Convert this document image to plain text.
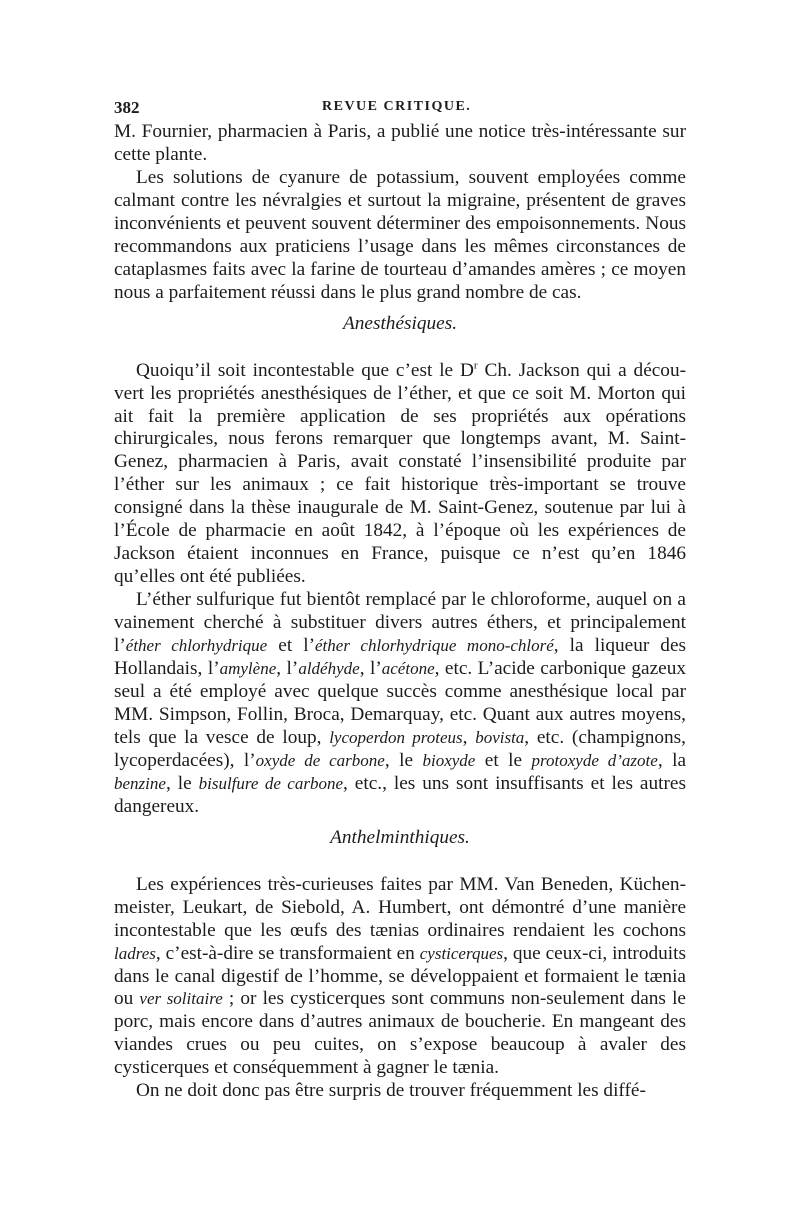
382	REVUE CRITIQUE.

M. Fournier, pharmacien à Paris, a publié une notice très-intéressante sur cette plante.

Les solutions de cyanure de potassium, souvent employées comme calmant contre les névralgies et surtout la migraine, présentent de graves inconvénients et peuvent souvent déterminer des empoisonnements. Nous recommandons aux praticiens l’usage dans les mêmes circonstances de cataplasmes faits avec la farine de tourteau d’amandes amères ; ce moyen nous a parfaitement réussi dans le plus grand nombre de cas.

Anesthésiques.

Quoiqu’il soit incontestable que c’est le $D^r$ Ch. Jackson qui a découvert les propriétés anesthésiques de l’éther, et que ce soit M. Morton qui ait fait la première application de ses propriétés aux opérations chirurgicales, nous ferons remarquer que longtemps avant, M. Saint-Genez, pharmacien à Paris, avait constaté l’insensibilité produite par l’éther sur les animaux ; ce fait historique très-important se trouve consigné dans la thèse inaugurale de M. Saint-Genez, soutenue par lui à l’École de pharmacie en août 1842, à l’époque où les expériences de Jackson étaient inconnues en France, puisque ce n’est qu’en 1846 qu’elles ont été publiées.

L’éther sulfurique fut bientôt remplacé par le chloroforme, auquel on a vainement cherché à substituer divers autres éthers, et principalement l’éther chlorhydrique et l’éther chlorhydrique mono-chloré, la liqueur des Hollandais, l’amylène, l’aldéhyde, l’acétone, etc. L’acide carbonique gazeux seul a été employé avec quelque succès comme anesthésique local par MM. Simpson, Follin, Broca, Demarquay, etc. Quant aux autres moyens, tels que la vesce de loup, lycoperdon proteus, bovista, etc. (champignons, lycoperdacées), l’oxyde de carbone, le bioxyde et le protoxyde d’azote, la benzine, le bisulfure de carbone, etc., les uns sont insuffisants et les autres dangereux.

Anthelminthiques.

Les expériences très-curieuses faites par MM. Van Beneden, Küchenmeister, Leukart, de Siebold, A. Humbert, ont démontré d’une manière incontestable que les œufs des tænias ordinaires rendaient les cochons ladres, c’est-à-dire se transformaient en cysticerques, que ceux-ci, introduits dans le canal digestif de l’homme, se développaient et formaient le tænia ou ver solitaire ; or les cysticerques sont communs non-seulement dans le porc, mais encore dans d’autres animaux de boucherie. En mangeant des viandes crues ou peu cuites, on s’expose beaucoup à avaler des cysticerques et conséquemment à gagner le tænia.

On ne doit donc pas être surpris de trouver fréquemment les diffé-
